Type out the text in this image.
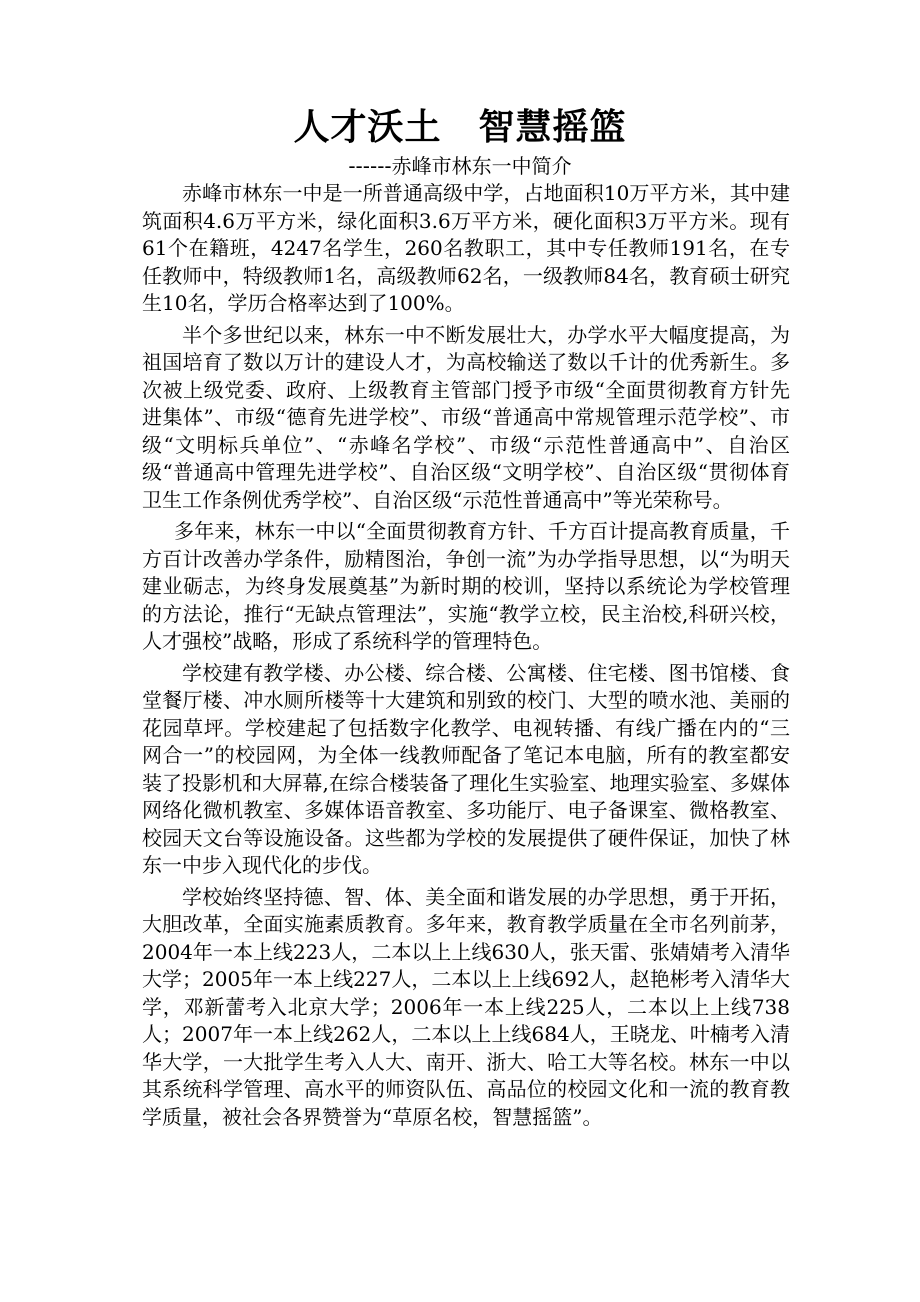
人才沃土　智慧摇篮
------赤峰市林东一中简介

赤峰市林东一中是一所普通高级中学，占地面积10万平方米，其中建筑面积4.6万平方米，绿化面积3.6万平方米，硬化面积3万平方米。现有61个在籍班，4247名学生，260名教职工，其中专任教师191名，在专任教师中，特级教师1名，高级教师62名，一级教师84名，教育硕士研究生10名，学历合格率达到了100%。

半个多世纪以来，林东一中不断发展壮大，办学水平大幅度提高，为祖国培育了数以万计的建设人才，为高校输送了数以千计的优秀新生。多次被上级党委、政府、上级教育主管部门授予市级“全面贯彻教育方针先进集体”、市级“德育先进学校”、市级“普通高中常规管理示范学校”、市级“文明标兵单位”、“赤峰名学校”、市级“示范性普通高中”、自治区级“普通高中管理先进学校”、自治区级“文明学校”、自治区级“贯彻体育卫生工作条例优秀学校”、自治区级“示范性普通高中”等光荣称号。

多年来，林东一中以“全面贯彻教育方针、千方百计提高教育质量，千方百计改善办学条件，励精图治，争创一流”为办学指导思想，以“为明天建业砺志，为终身发展奠基”为新时期的校训，坚持以系统论为学校管理的方法论，推行“无缺点管理法”，实施“教学立校，民主治校,科研兴校，人才强校”战略，形成了系统科学的管理特色。

学校建有教学楼、办公楼、综合楼、公寓楼、住宅楼、图书馆楼、食堂餐厅楼、冲水厕所楼等十大建筑和别致的校门、大型的喷水池、美丽的花园草坪。学校建起了包括数字化教学、电视转播、有线广播在内的“三网合一”的校园网，为全体一线教师配备了笔记本电脑，所有的教室都安装了投影机和大屏幕,在综合楼装备了理化生实验室、地理实验室、多媒体网络化微机教室、多媒体语音教室、多功能厅、电子备课室、微格教室、校园天文台等设施设备。这些都为学校的发展提供了硬件保证，加快了林东一中步入现代化的步伐。

学校始终坚持德、智、体、美全面和谐发展的办学思想，勇于开拓，大胆改革，全面实施素质教育。多年来，教育教学质量在全市名列前茅，2004年一本上线223人，二本以上上线630人，张天雷、张婧婧考入清华大学；2005年一本上线227人，二本以上上线692人，赵艳彬考入清华大学，邓新蕾考入北京大学；2006年一本上线225人，二本以上上线738人；2007年一本上线262人，二本以上上线684人，王晓龙、叶楠考入清华大学，一大批学生考入人大、南开、浙大、哈工大等名校。林东一中以其系统科学管理、高水平的师资队伍、高品位的校园文化和一流的教育教学质量，被社会各界赞誉为“草原名校，智慧摇篮”。
